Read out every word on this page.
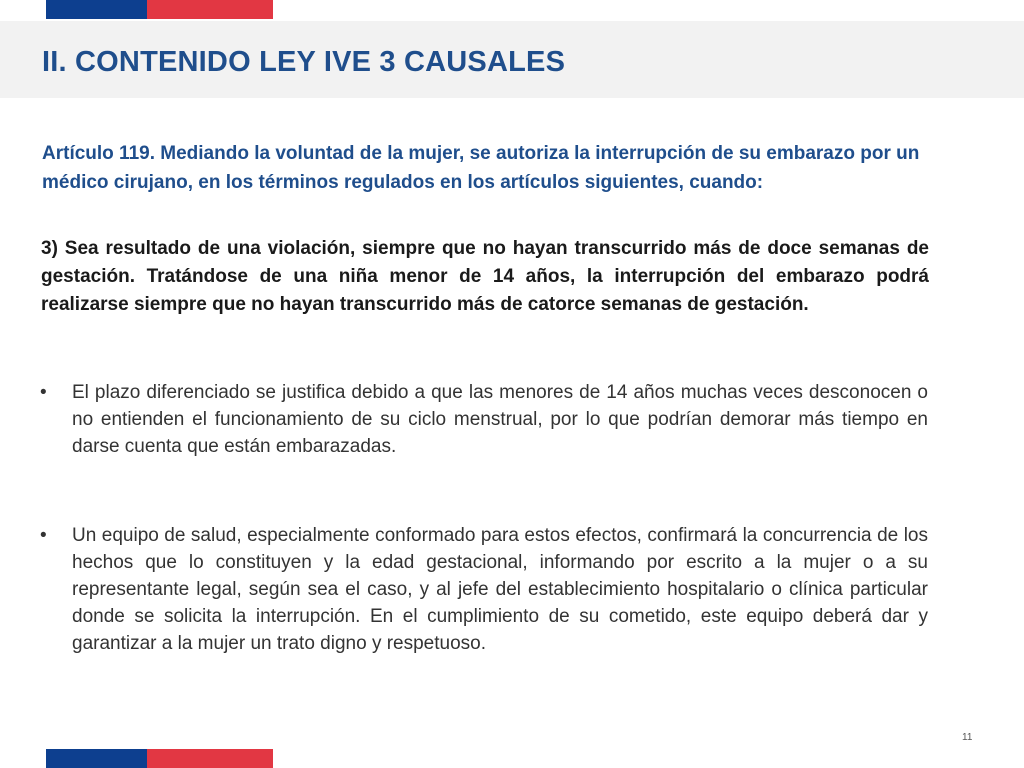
II. CONTENIDO LEY IVE 3 CAUSALES

Artículo 119. Mediando la voluntad de la mujer, se autoriza la interrupción de su embarazo por un médico cirujano, en los términos regulados en los artículos siguientes, cuando:

3) Sea resultado de una violación, siempre que no hayan transcurrido más de doce semanas de gestación. Tratándose de una niña menor de 14 años, la interrupción del embarazo podrá realizarse siempre que no hayan transcurrido más de catorce semanas de gestación.

•	El plazo diferenciado se justifica debido a que las menores de 14 años muchas veces desconocen o no entienden el funcionamiento de su ciclo menstrual, por lo que podrían demorar más tiempo en darse cuenta que están embarazadas.
•	Un equipo de salud, especialmente conformado para estos efectos, confirmará la concurrencia de los hechos que lo constituyen y la edad gestacional, informando por escrito a la mujer o a su representante legal, según sea el caso, y al jefe del establecimiento hospitalario o clínica particular donde se solicita la interrupción. En el cumplimiento de su cometido, este equipo deberá dar y garantizar a la mujer un trato digno y respetuoso.
11
